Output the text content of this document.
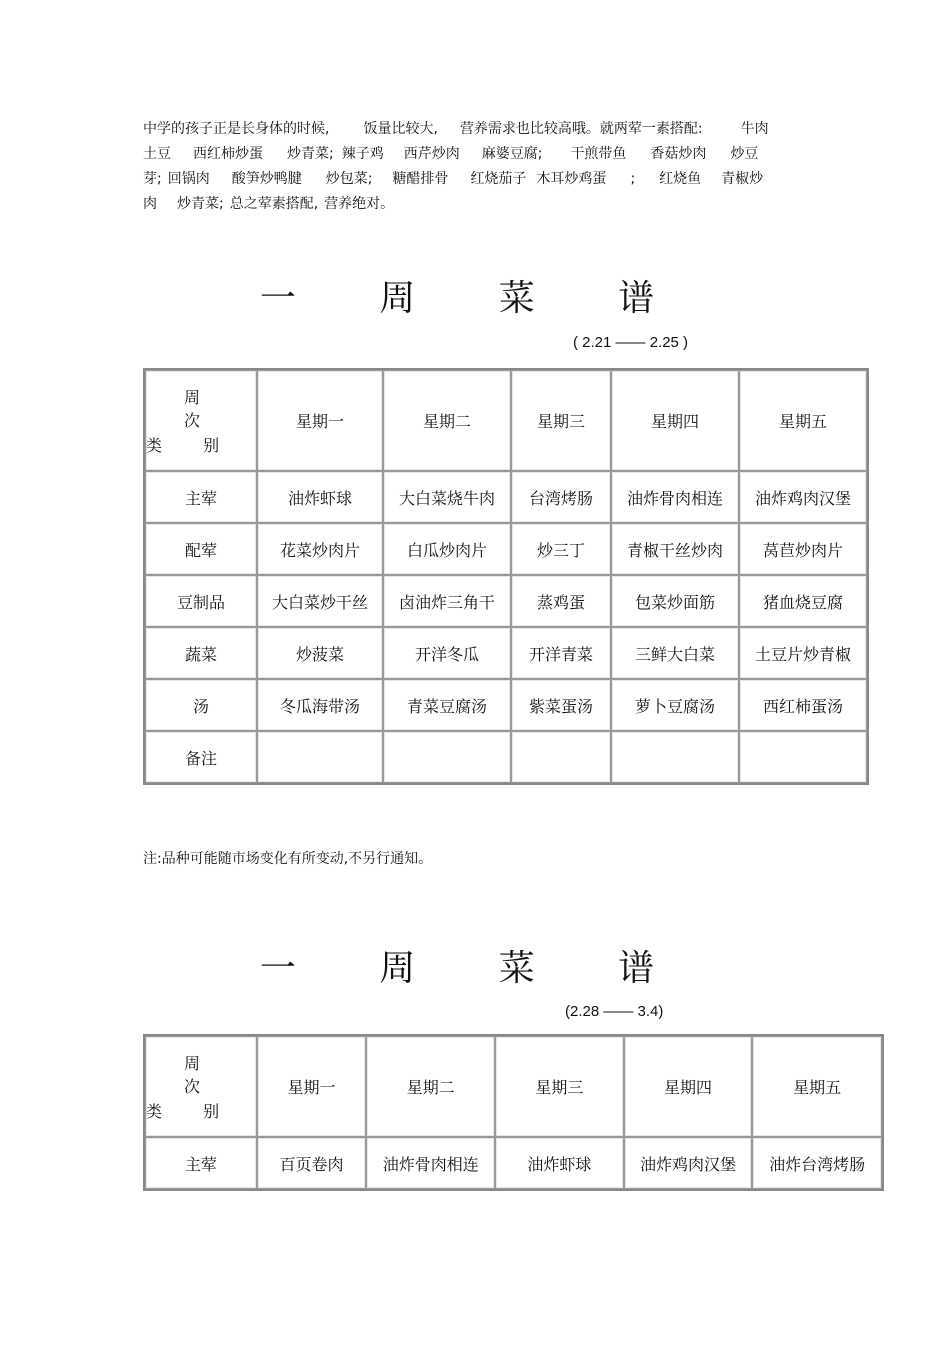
中学的孩子正是长身体的时候, 饭量比较大, 营养需求也比较高哦。就两荤一素搭配:	牛肉

土豆 西红柿炒蛋 炒青菜; 辣子鸡 西芹炒肉 麻婆豆腐; 干煎带鱼 香菇炒肉 炒豆

芽; 回锅肉 酸笋炒鸭腱 炒包菜; 糖醋排骨 红烧茄子 木耳炒鸡蛋 ; 红烧鱼 青椒炒

肉 炒青菜; 总之荤素搭配, 营养绝对。

一 周 菜 谱
( 2.21 —— 2.25 )
周 次
类 别	星期一	星期二	星期三	星期四	星期五
主荤	油炸虾球	大白菜烧牛肉	台湾烤肠	油炸骨肉相连	油炸鸡肉汉堡
配荤	花菜炒肉片	白瓜炒肉片	炒三丁	青椒干丝炒肉	莴苣炒肉片
豆制品	大白菜炒干丝	卤油炸三角干	蒸鸡蛋	包菜炒面筋	猪血烧豆腐
蔬菜	炒菠菜	开洋冬瓜	开洋青菜	三鲜大白菜	土豆片炒青椒
汤	冬瓜海带汤	青菜豆腐汤	紫菜蛋汤	萝卜豆腐汤	西红柿蛋汤
备注					
注:品种可能随市场变化有所变动,不另行通知。
一 周 菜 谱
(2.28 —— 3.4)
周 次
类 别	星期一	星期二	星期三	星期四	星期五
主荤	百页卷肉	油炸骨肉相连	油炸虾球	油炸鸡肉汉堡	油炸台湾烤肠
